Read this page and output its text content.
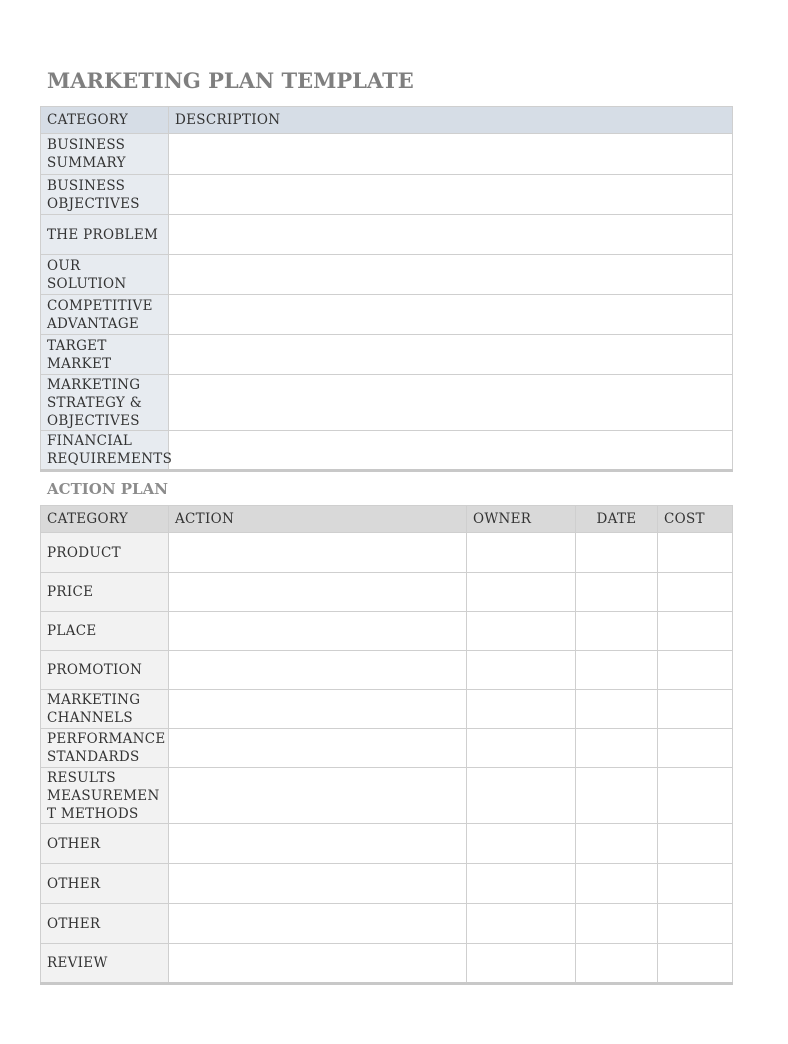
MARKETING PLAN TEMPLATE
CATEGORY	DESCRIPTION
BUSINESS SUMMARY	
BUSINESS OBJECTIVES	
THE PROBLEM	
OUR SOLUTION	
COMPETITIVE ADVANTAGE	
TARGET MARKET	
MARKETING STRATEGY & OBJECTIVES	
FINANCIAL REQUIREMENTS	
ACTION PLAN
CATEGORY	ACTION	OWNER	DATE	COST
PRODUCT				
PRICE				
PLACE				
PROMOTION				
MARKETING CHANNELS				
PERFORMANCE STANDARDS				
RESULTS MEASUREMEN T METHODS				
OTHER				
OTHER				
OTHER				
REVIEW				
